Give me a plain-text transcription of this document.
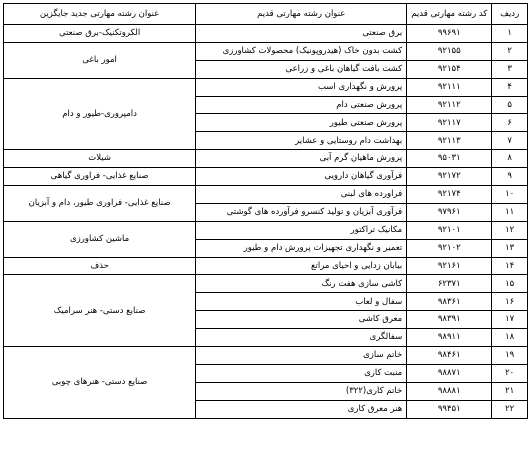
ردیف	کد رشته مهارتی قدیم	عنوان رشته مهارتی قدیم	عنوان رشته مهارتی جدید جایگزین
۱	۹۹۶۹۱	برق صنعتی	الکروتکنیک-برق صنعتی
۲	۹۲۱۵۵	کشت بدون خاک (هیدروپونیک) محصولات کشاورزی	امور باغی
۳	۹۲۱۵۴	کشت بافت گیاهان باغی و زراعی	
۴	۹۲۱۱۱	پرورش و نگهداری اسب	دامپروری-طیور و دام
۵	۹۲۱۱۲	پرورش صنعتی دام	
۶	۹۲۱۱۷	پرورش صنعتی طیور	
۷	۹۲۱۱۳	بهداشت دام روستایی و عشایر	
۸	۹۵۰۳۱	پرورش ماهیان گرم آبی	شیلات
۹	۹۲۱۷۲	فرآوری گیاهان دارویی	صنایع غذایی- فراوری گیاهی
۱۰	۹۲۱۷۴	فراورده های لبنی	صنایع غذایی- فراوری طیور، دام و آبزیان
۱۱	۹۷۹۶۱	فرآوری آبزیان و تولید کنسرو فرآورده های گوشتی	
۱۲	۹۲۱۰۱	مکانیک تراکتور	ماشین کشاورزی
۱۳	۹۲۱۰۲	تعمیر و نگهداری تجهیزات پرورش دام و طیور	
۱۴	۹۲۱۶۱	بیابان زدایی و احیای مراتع	حذف
۱۵	۶۲۳۷۱	کاشی سازی هفت رنگ	صنایع دستی- هنر سرامیک
۱۶	۹۸۳۶۱	سفال و لعاب	
۱۷	۹۸۳۹۱	معرق کاشی	
۱۸	۹۸۹۱۱	سفالگری	
۱۹	۹۸۴۶۱	خاتم سازی	صنایع دستی- هنرهای چوبی
۲۰	۹۸۸۷۱	منبت کاری	
۲۱	۹۸۸۸۱	خاتم کاری(۳۲۲)	
۲۲	۹۹۴۵۱	هنر معرق کاری	
